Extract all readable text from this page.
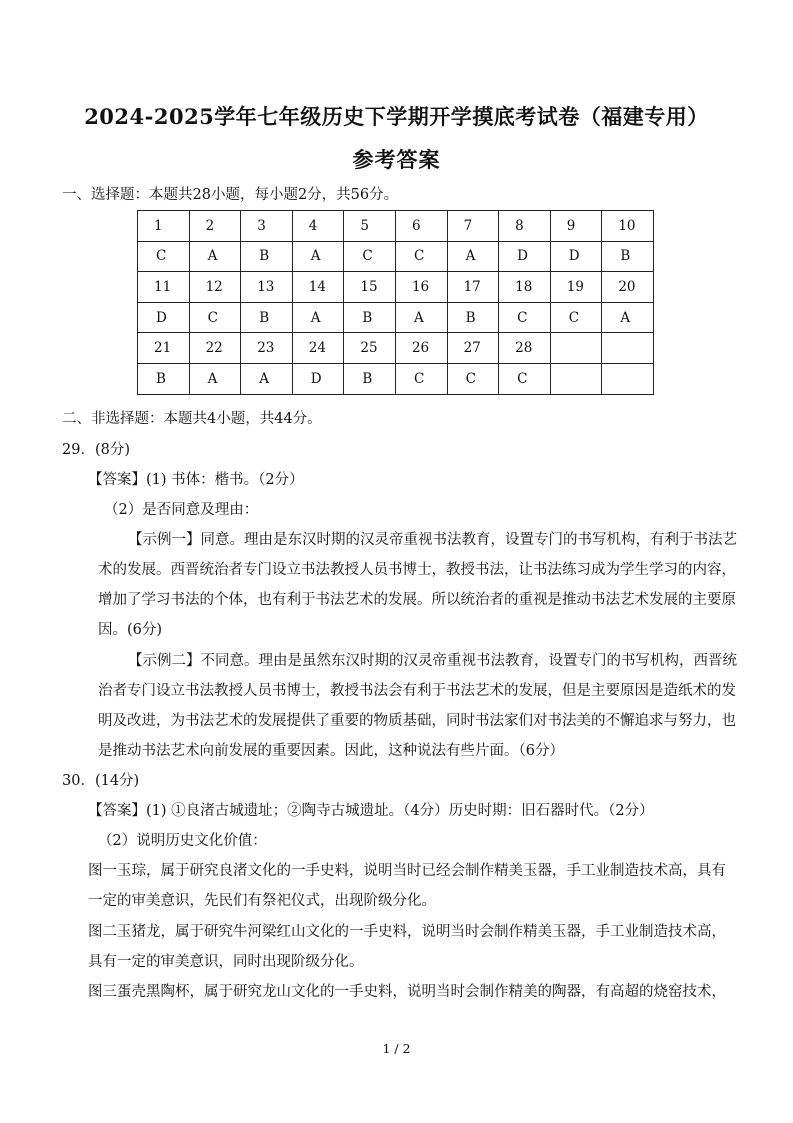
2024-2025学年七年级历史下学期开学摸底考试卷（福建专用）
参考答案
一、选择题：本题共28小题，每小题2分，共56分。
1	2	3	4	5	6	7	8	9	10
C	A	B	A	C	C	A	D	D	B
11	12	13	14	15	16	17	18	19	20
D	C	B	A	B	A	B	C	C	A
21	22	23	24	25	26	27	28		
B	A	A	D	B	C	C	C		
二、非选择题：本题共4小题，共44分。
29．(8分)
【答案】(1) 书体：楷书。（2分）
（2）是否同意及理由：
【示例一】同意。理由是东汉时期的汉灵帝重视书法教育，设置专门的书写机构，有利于书法艺
术的发展。西晋统治者专门设立书法教授人员书博士，教授书法，让书法练习成为学生学习的内容，
增加了学习书法的个体，也有利于书法艺术的发展。所以统治者的重视是推动书法艺术发展的主要原
因。(6分)
【示例二】不同意。理由是虽然东汉时期的汉灵帝重视书法教育，设置专门的书写机构，西晋统
治者专门设立书法教授人员书博士，教授书法会有利于书法艺术的发展，但是主要原因是造纸术的发
明及改进，为书法艺术的发展提供了重要的物质基础，同时书法家们对书法美的不懈追求与努力，也
是推动书法艺术向前发展的重要因素。因此，这种说法有些片面。（6分）
30．(14分)
【答案】(1) ①良渚古城遗址；②陶寺古城遗址。（4分）历史时期：旧石器时代。（2分）
（2）说明历史文化价值：
图一玉琮，属于研究良渚文化的一手史料，说明当时已经会制作精美玉器，手工业制造技术高，具有
一定的审美意识，先民们有祭祀仪式，出现阶级分化。
图二玉猪龙，属于研究牛河梁红山文化的一手史料，说明当时会制作精美玉器，手工业制造技术高，
具有一定的审美意识，同时出现阶级分化。
图三蛋壳黑陶杯，属于研究龙山文化的一手史料，说明当时会制作精美的陶器，有高超的烧窑技术，
1 / 2
